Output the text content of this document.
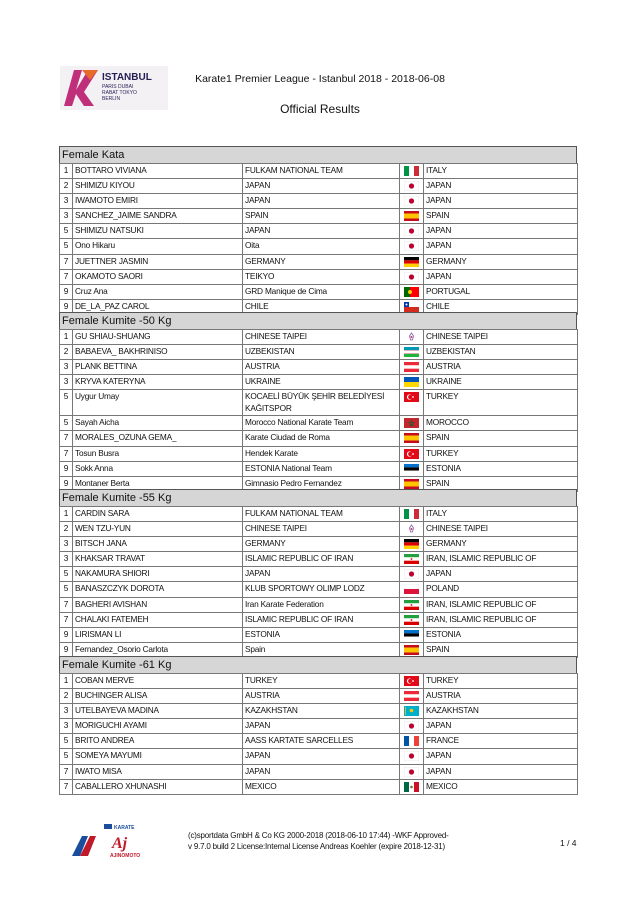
ISTANBUL
PARIS DUBAI
RABAT TOKYO
BERLIN
Karate1 Premier League - Istanbul 2018 - 2018-06-08
Official Results
Female Kata
1	BOTTARO VIVIANA	FULKAM NATIONAL TEAM		ITALY
2	SHIMIZU KIYOU	JAPAN		JAPAN
3	IWAMOTO EMIRI	JAPAN		JAPAN
3	SANCHEZ_JAIME SANDRA	SPAIN		SPAIN
5	SHIMIZU NATSUKI	JAPAN		JAPAN
5	Ono Hikaru	Oita		JAPAN
7	JUETTNER JASMIN	GERMANY		GERMANY
7	OKAMOTO SAORI	TEIKYO		JAPAN
9	Cruz Ana	GRD Manique de Cima		PORTUGAL
9	DE_LA_PAZ CAROL	CHILE		CHILE
Female Kumite -50 Kg
1	GU SHIAU-SHUANG	CHINESE TAIPEI		CHINESE TAIPEI
2	BABAEVA_ BAKHRINISO	UZBEKISTAN		UZBEKISTAN
3	PLANK BETTINA	AUSTRIA		AUSTRIA
3	KRYVA KATERYNA	UKRAINE		UKRAINE
5	Uygur Umay	KOCAELİ BÜYÜK ŞEHİR BELEDİYESİ KAĞITSPOR		TURKEY
5	Sayah Aicha	Morocco National Karate Team		MOROCCO
7	MORALES_OZUNA GEMA_	Karate Ciudad de Roma		SPAIN
7	Tosun Busra	Hendek Karate		TURKEY
9	Sokk Anna	ESTONIA National Team		ESTONIA
9	Montaner Berta	Gimnasio Pedro Fernandez		SPAIN
Female Kumite -55 Kg
1	CARDIN SARA	FULKAM NATIONAL TEAM		ITALY
2	WEN TZU-YUN	CHINESE TAIPEI		CHINESE TAIPEI
3	BITSCH JANA	GERMANY		GERMANY
3	KHAKSAR TRAVAT	ISLAMIC REPUBLIC OF IRAN		IRAN, ISLAMIC REPUBLIC OF
5	NAKAMURA SHIORI	JAPAN		JAPAN
5	BANASZCZYK DOROTA	KLUB SPORTOWY OLIMP LODZ		POLAND
7	BAGHERI AVISHAN	Iran Karate Federation		IRAN, ISLAMIC REPUBLIC OF
7	CHALAKI FATEMEH	ISLAMIC REPUBLIC OF IRAN		IRAN, ISLAMIC REPUBLIC OF
9	LIRISMAN LI	ESTONIA		ESTONIA
9	Fernandez_Osorio Carlota	Spain		SPAIN
Female Kumite -61 Kg
1	COBAN MERVE	TURKEY		TURKEY
2	BUCHINGER ALISA	AUSTRIA		AUSTRIA
3	UTELBAYEVA MADINA	KAZAKHSTAN		KAZAKHSTAN
3	MORIGUCHI AYAMI	JAPAN		JAPAN
5	BRITO ANDREA	AASS KARTATE SARCELLES		FRANCE
5	SOMEYA MAYUMI	JAPAN		JAPAN
7	IWATO MISA	JAPAN		JAPAN
7	CABALLERO XHUNASHI	MEXICO		MEXICO
KARATE
Aj
AJINOMOTO
(c)sportdata GmbH & Co KG 2000-2018 (2018-06-10 17:44) -WKF Approved-
v 9.7.0 build 2 License:Internal License Andreas Koehler (expire 2018-12-31)	1 / 4
